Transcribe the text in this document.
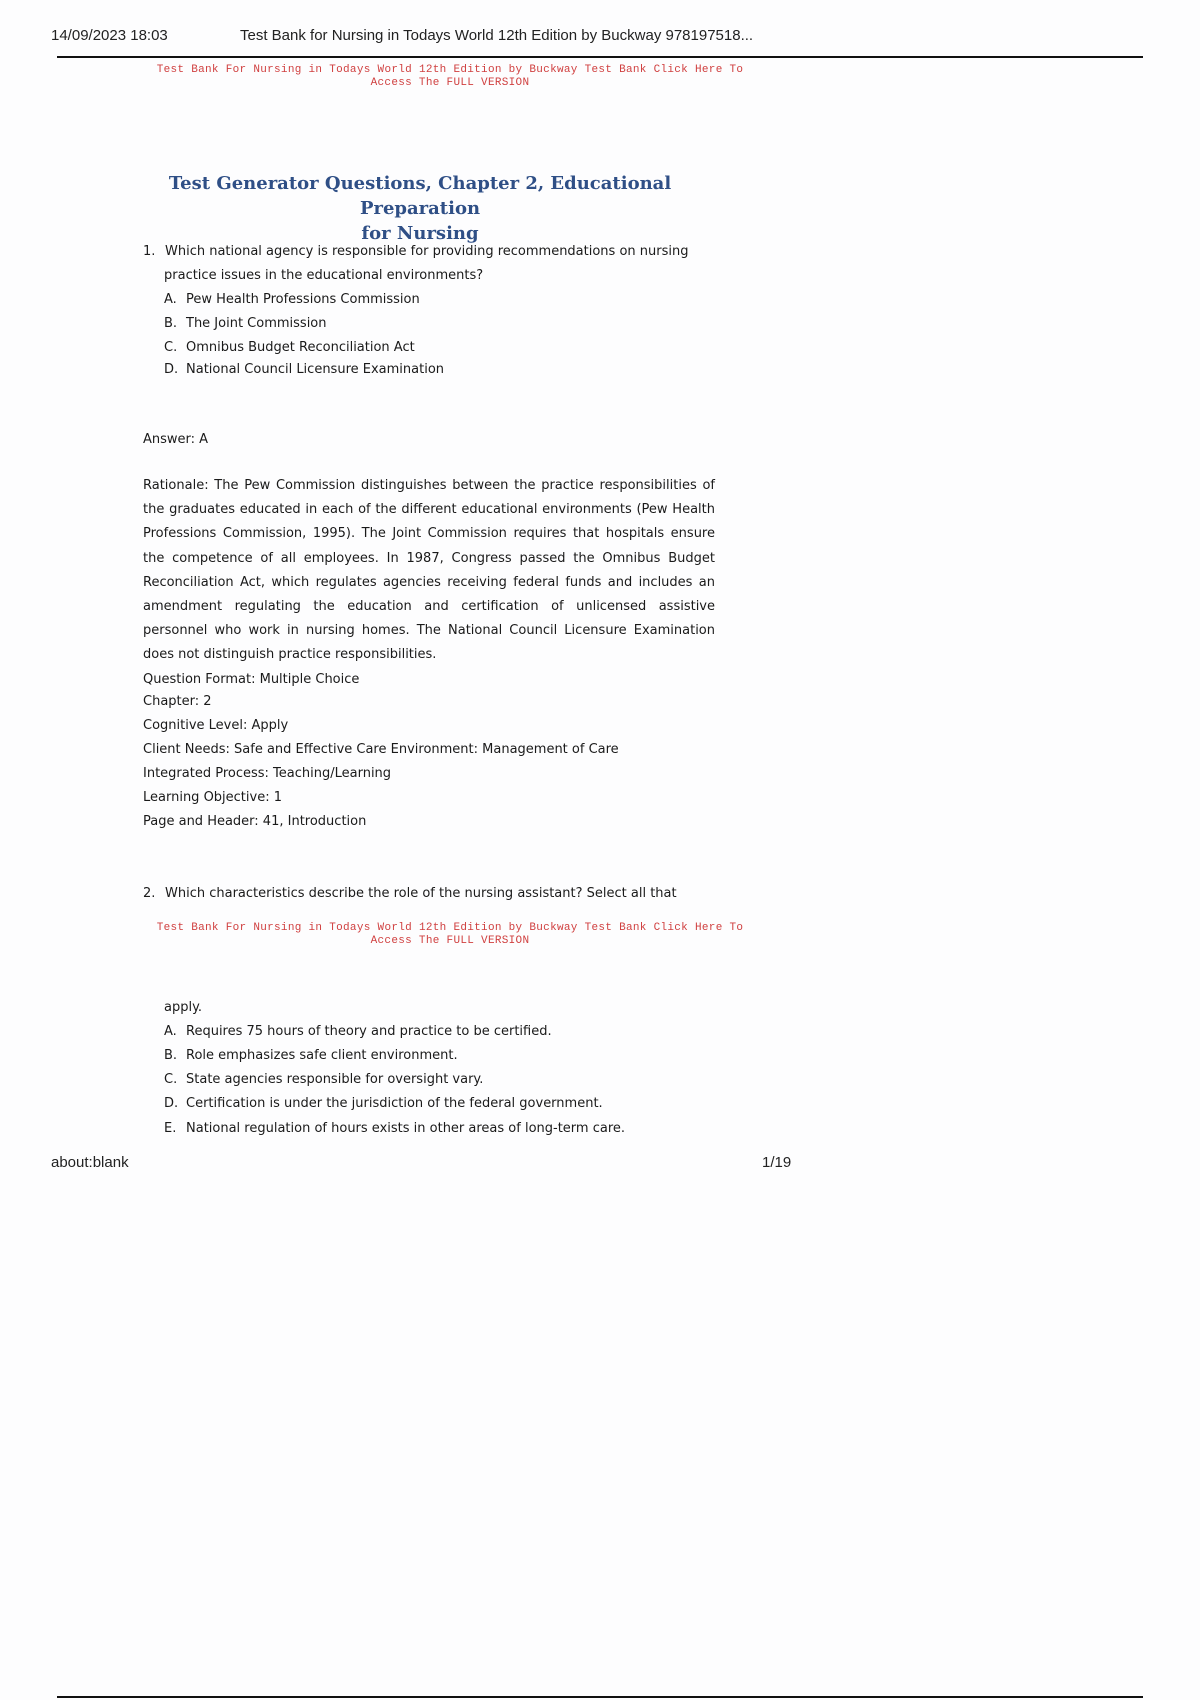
14/09/2023 18:03	Test Bank for Nursing in Todays World 12th Edition by Buckway 978197518...
Test Bank For Nursing in Todays World 12th Edition by Buckway Test Bank Click Here To
Access The FULL VERSION
Test Generator Questions, Chapter 2, Educational Preparation
for Nursing
1. Which national agency is responsible for providing recommendations on nursing
practice issues in the educational environments?
A. Pew Health Professions Commission
B. The Joint Commission
C. Omnibus Budget Reconciliation Act
D. National Council Licensure Examination
Answer: A
Rationale: The Pew Commission distinguishes between the practice responsibilities of the graduates educated in each of the different educational environments (Pew Health Professions Commission, 1995). The Joint Commission requires that hospitals ensure the competence of all employees. In 1987, Congress passed the Omnibus Budget Reconciliation Act, which regulates agencies receiving federal funds and includes an amendment regulating the education and certification of unlicensed assistive personnel who work in nursing homes. The National Council Licensure Examination does not distinguish practice responsibilities.
Question Format: Multiple Choice
Chapter: 2
Cognitive Level: Apply
Client Needs: Safe and Effective Care Environment: Management of Care
Integrated Process: Teaching/Learning
Learning Objective: 1
Page and Header: 41, Introduction
2. Which characteristics describe the role of the nursing assistant? Select all that
Test Bank For Nursing in Todays World 12th Edition by Buckway Test Bank Click Here To
Access The FULL VERSION
apply.
A. Requires 75 hours of theory and practice to be certified.
B. Role emphasizes safe client environment.
C. State agencies responsible for oversight vary.
D. Certification is under the jurisdiction of the federal government.
E. National regulation of hours exists in other areas of long-term care.
about:blank	1/19
